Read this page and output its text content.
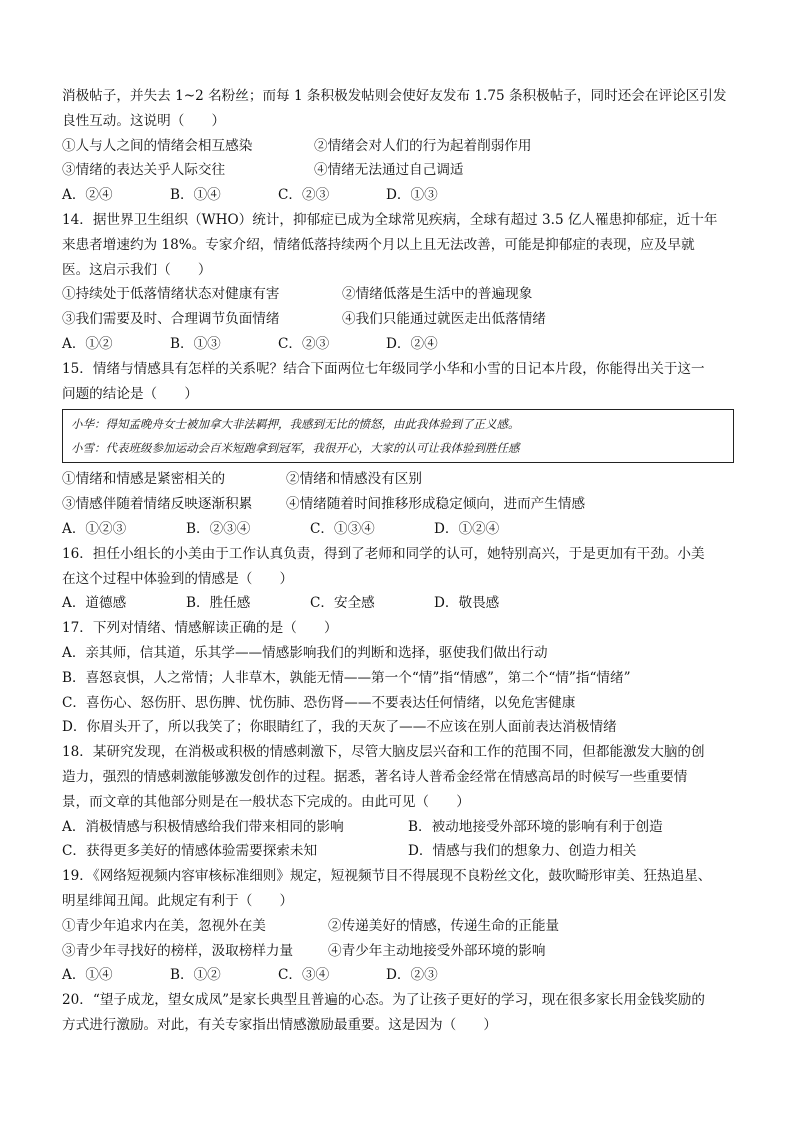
消极帖子，并失去 1~2 名粉丝；而每 1 条积极发帖则会使好友发布 1.75 条积极帖子，同时还会在评论区引发
良性互动。这说明（　　）
①人与人之间的情绪会相互感染	②情绪会对人们的行为起着削弱作用
③情绪的表达关乎人际交往	④情绪无法通过自己调适
A．②④	B．①④	C．②③	D．①③
14．据世界卫生组织（WHO）统计，抑郁症已成为全球常见疾病，全球有超过 3.5 亿人罹患抑郁症，近十年
来患者增速约为 18%。专家介绍，情绪低落持续两个月以上且无法改善，可能是抑郁症的表现，应及早就
医。这启示我们（　　）
①持续处于低落情绪状态对健康有害	②情绪低落是生活中的普遍现象
③我们需要及时、合理调节负面情绪	④我们只能通过就医走出低落情绪
A．①②	B．①③	C．②③	D．②④
15．情绪与情感具有怎样的关系呢？结合下面两位七年级同学小华和小雪的日记本片段，你能得出关于这一
问题的结论是（　　）
小华：得知孟晚舟女士被加拿大非法羁押，我感到无比的愤怒，由此我体验到了正义感。
小雪：代表班级参加运动会百米短跑拿到冠军，我很开心，大家的认可让我体验到胜任感
①情绪和情感是紧密相关的	②情绪和情感没有区别
③情感伴随着情绪反映逐渐积累	④情绪随着时间推移形成稳定倾向，进而产生情感
A．①②③	B．②③④	C．①③④	D．①②④
16．担任小组长的小美由于工作认真负责，得到了老师和同学的认可，她特别高兴，于是更加有干劲。小美
在这个过程中体验到的情感是（　　）
A．道德感	B．胜任感	C．安全感	D．敬畏感
17．下列对情绪、情感解读正确的是（　　）
A．亲其师，信其道，乐其学——情感影响我们的判断和选择，驱使我们做出行动
B．喜怒哀惧，人之常情；人非草木，孰能无情——第一个“情”指“情感”，第二个“情”指“情绪”
C．喜伤心、怒伤肝、思伤脾、忧伤肺、恐伤肾——不要表达任何情绪，以免危害健康
D．你眉头开了，所以我笑了；你眼睛红了，我的天灰了——不应该在别人面前表达消极情绪
18．某研究发现，在消极或积极的情感刺激下，尽管大脑皮层兴奋和工作的范围不同，但都能激发大脑的创
造力，强烈的情感刺激能够激发创作的过程。据悉，著名诗人普希金经常在情感高昂的时候写一些重要情
景，而文章的其他部分则是在一般状态下完成的。由此可见（　　）
A．消极情感与积极情感给我们带来相同的影响	B．被动地接受外部环境的影响有利于创造
C．获得更多美好的情感体验需要探索未知	D．情感与我们的想象力、创造力相关
19．《网络短视频内容审核标准细则》规定，短视频节目不得展现不良粉丝文化，鼓吹畸形审美、狂热追星、
明星绯闻丑闻。此规定有利于（　　）
①青少年追求内在美，忽视外在美	②传递美好的情感，传递生命的正能量
③青少年寻找好的榜样，汲取榜样力量	④青少年主动地接受外部环境的影响
A．①④	B．①②	C．③④	D．②③
20．“望子成龙，望女成凤”是家长典型且普遍的心态。为了让孩子更好的学习，现在很多家长用金钱奖励的
方式进行激励。对此，有关专家指出情感激励最重要。这是因为（　　）
